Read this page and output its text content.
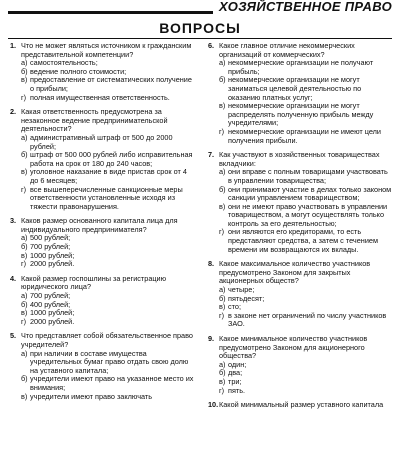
ХОЗЯЙСТВЕННОЕ ПРАВО
ВОПРОСЫ
1. Что не может являться источником к гражданским представительной компетенции?
а) самостоятельность;
б) ведение полного стоимости;
в) предоставление от систематических получение о прибыли;
г) полная имущественная ответственность.
2. Какая ответственность предусмотрена за незаконное ведение предпринимательской деятельности?
а) административный штраф от 500 до 2000 рублей;
б) штраф от 500 000 рублей либо исправительная работа на срок от 180 до 240 часов;
в) уголовное наказание в виде пристав срок от 4 до 6 месяцев;
г) все вышеперечисленные санкционные меры ответственности установленные исходя из тяжести правонарушения.
3. Каков размер основанного капитала лица для индивидуального предпринимателя?
а) 500 рублей;
б) 700 рублей;
в) 1000 рублей;
г) 2000 рублей.
4. Какой размер госпошлины за регистрацию юридического лица?
а) 700 рублей;
б) 400 рублей;
в) 1000 рублей;
г) 2000 рублей.
5. Что представляет собой обязательственное право учредителей?
а) при наличии в составе имущества учредительных бумаг право отдать свою долю на уставного капитала;
б) учредители имеют право на указанное место их внимания;
в) учредители имеют право заключать
6. Какое главное отличие некоммерческих организаций от коммерческих?
а) некоммерческие организации не получают прибыль;
б) некоммерческие организации не могут заниматься целевой деятельностью по оказанию платных услуг;
в) некоммерческие организации не могут распределять полученную прибыль между учредителями;
г) некоммерческие организации не имеют цели получения прибыли.
7. Как участвуют в хозяйственных товариществах вкладчики:
а) они вправе с полным товарищами участвовать в управлении товарищества;
б) они принимают участие в делах только законом санкции управлением товариществом;
в) они не имеют право участвовать в управлении товариществом, а могут осуществлять только контроль за его деятельностью;
г) они являются его кредиторами, то есть представляют средства, а затем с течением времени им возвращаются их вклады.
8. Какое максимальное количество участников предусмотрено Законом для закрытых акционерных обществ?
а) четыре;
б) пятьдесят;
в) сто;
г) в законе нет ограничений по числу участников ЗАО.
9. Какое минимальное количество участников предусмотрено Законом для акционерного общества?
а) один;
б) два;
в) три;
г) пять.
10. Какой минимальный размер уставного капитала
